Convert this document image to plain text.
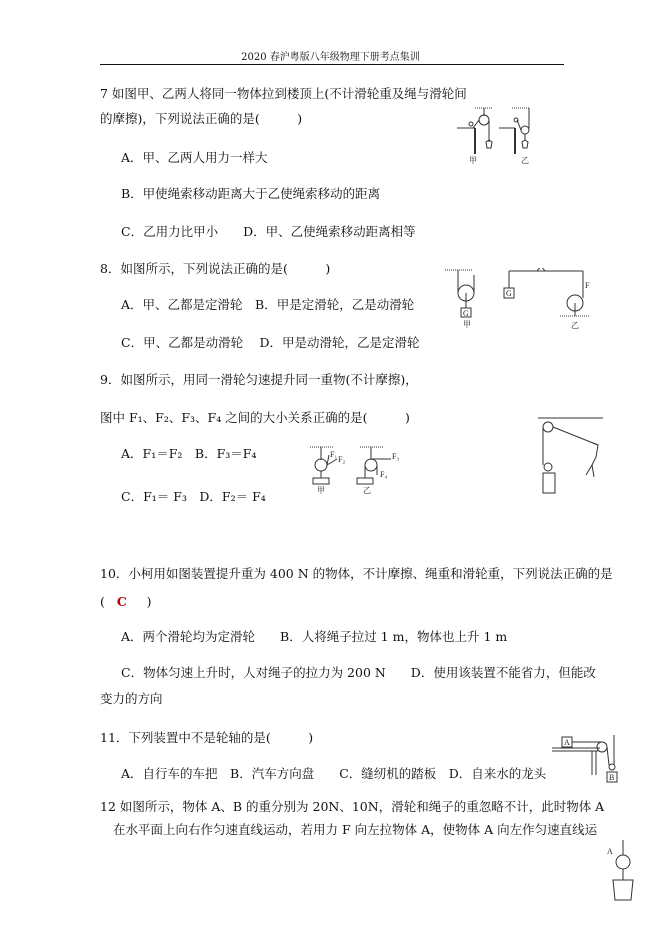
2020 春沪粤版八年级物理下册考点集训
7 如图甲、乙两人将同一物体拉到楼顶上(不计滑轮重及绳与滑轮间
的摩擦)，下列说法正确的是(　　　)
A．甲、乙两人用力一样大
B．甲使绳索移动距离大于乙使绳索移动的距离
C．乙用力比甲小　　D．甲、乙使绳索移动距离相等
甲	乙
8．如图所示，下列说法正确的是(　　　)
A．甲、乙都是定滑轮　B．甲是定滑轮，乙是动滑轮
C．甲、乙都是动滑轮　 D．甲是动滑轮，乙是定滑轮
G
甲
G
F
乙
9．如图所示，用同一滑轮匀速提升同一重物(不计摩擦)，
图中 F₁、F₂、F₃、F₄ 之间的大小关系正确的是(　　　)
A．F₁＝F₂　B．F₃＝F₄
C．F₁＝ F₃　D．F₂＝ F₄
F₁
F₂
甲
F₃
F₄
乙
10．小柯用如图装置提升重为 400 N 的物体，不计摩擦、绳重和滑轮重，下列说法正确的是
( C )
A．两个滑轮均为定滑轮　　B．人将绳子拉过 1 m，物体也上升 1 m
C．物体匀速上升时，人对绳子的拉力为 200 N　　D．使用该装置不能省力，但能改
变力的方向
11．下列装置中不是轮轴的是(　　　)
A．自行车的车把　B．汽车方向盘　　C．缝纫机的踏板　D．自来水的龙头
A
B
12 如图所示，物体 A、B 的重分别为 20N、10N，滑轮和绳子的重忽略不计，此时物体 A
在水平面上向右作匀速直线运动，若用力 F 向左拉物体 A，使物体 A 向左作匀速直线运
A
